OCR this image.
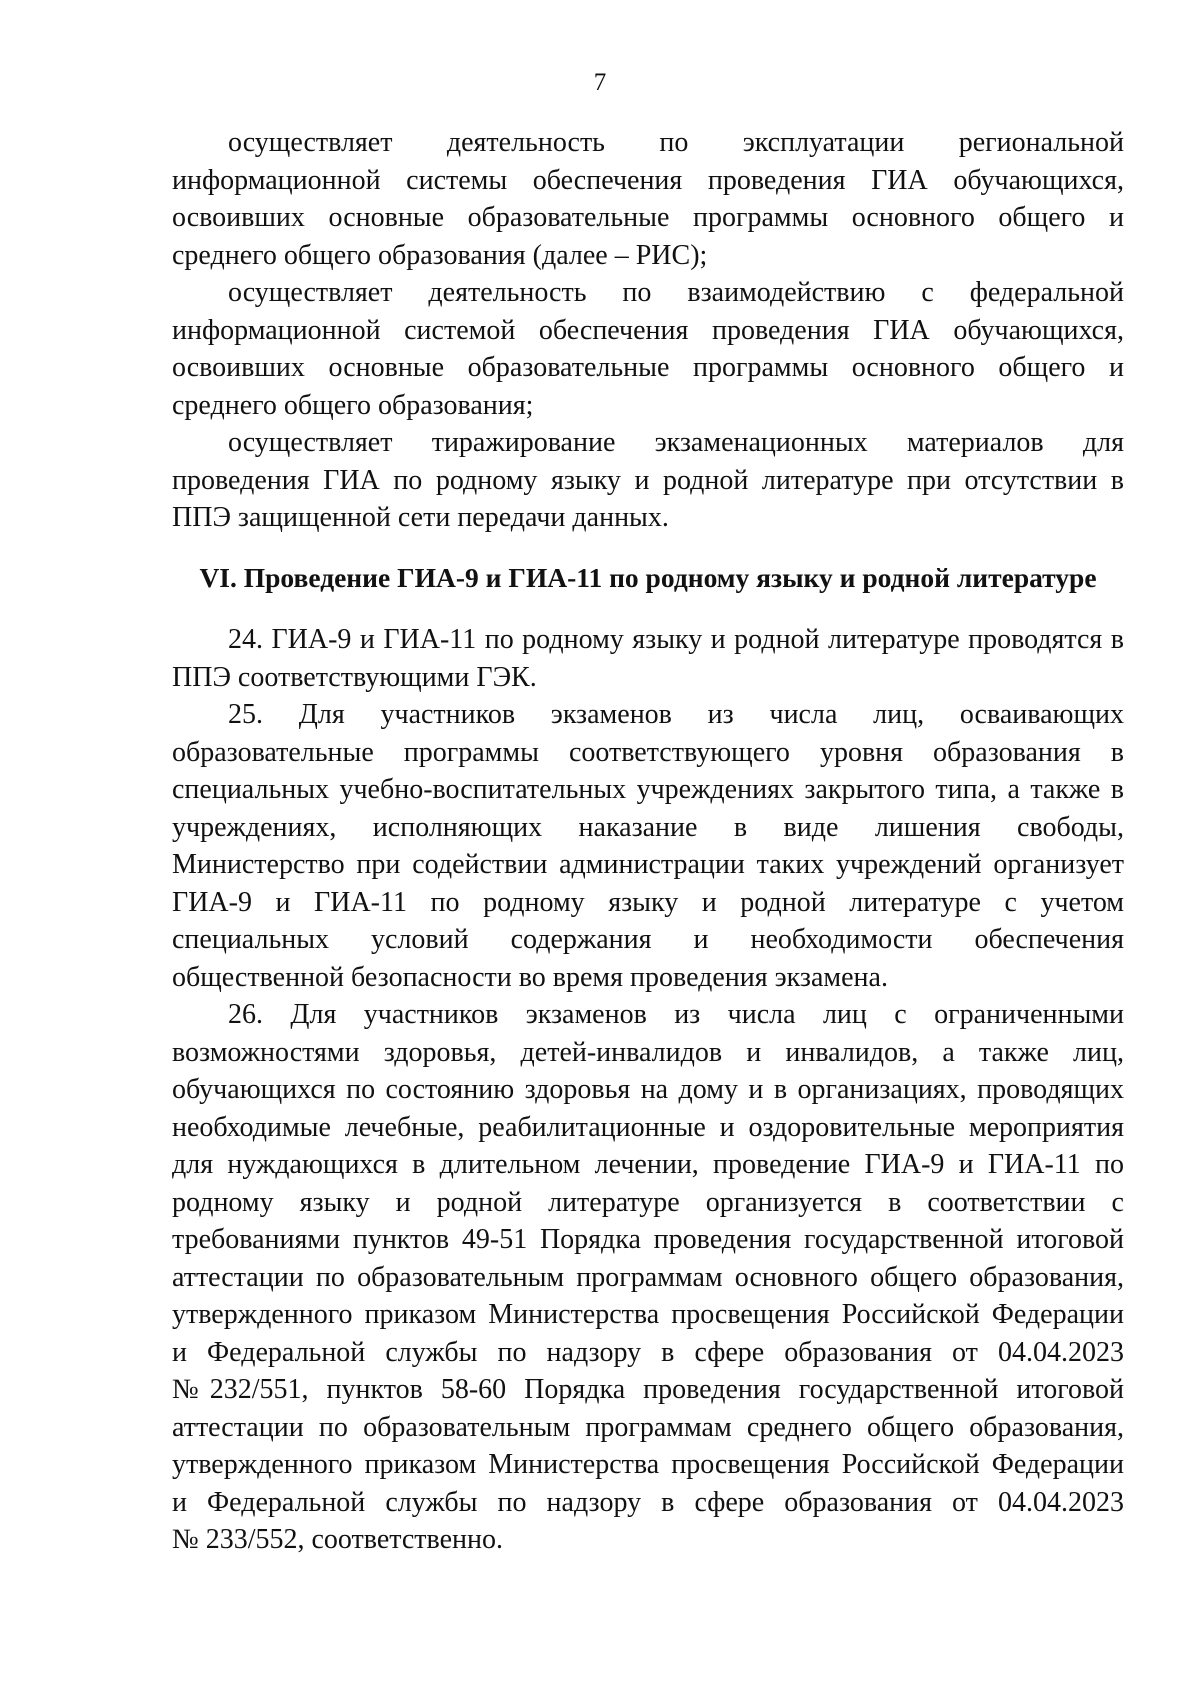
7
осуществляет деятельность по эксплуатации региональной
информационной системы обеспечения проведения ГИА обучающихся,
освоивших основные образовательные программы основного общего и
среднего общего образования (далее – РИС);
осуществляет деятельность по взаимодействию с федеральной
информационной системой обеспечения проведения ГИА обучающихся,
освоивших основные образовательные программы основного общего и
среднего общего образования;
осуществляет тиражирование экзаменационных материалов для
проведения ГИА по родному языку и родной литературе при отсутствии в
ППЭ защищенной сети передачи данных.
VI. Проведение ГИА-9 и ГИА-11 по родному языку и родной литературе
24. ГИА-9 и ГИА-11 по родному языку и родной литературе проводятся в
ППЭ соответствующими ГЭК.
25. Для участников экзаменов из числа лиц, осваивающих
образовательные программы соответствующего уровня образования в
специальных учебно-воспитательных учреждениях закрытого типа, а также в
учреждениях, исполняющих наказание в виде лишения свободы,
Министерство при содействии администрации таких учреждений организует
ГИА-9 и ГИА-11 по родному языку и родной литературе с учетом
специальных условий содержания и необходимости обеспечения
общественной безопасности во время проведения экзамена.
26. Для участников экзаменов из числа лиц с ограниченными
возможностями здоровья, детей-инвалидов и инвалидов, а также лиц,
обучающихся по состоянию здоровья на дому и в организациях, проводящих
необходимые лечебные, реабилитационные и оздоровительные мероприятия
для нуждающихся в длительном лечении, проведение ГИА-9 и ГИА-11 по
родному языку и родной литературе организуется в соответствии с
требованиями пунктов 49-51 Порядка проведения государственной итоговой
аттестации по образовательным программам основного общего образования,
утвержденного приказом Министерства просвещения Российской Федерации
и Федеральной службы по надзору в сфере образования от 04.04.2023
№232/551, пунктов 58-60 Порядка проведения государственной итоговой
аттестации по образовательным программам среднего общего образования,
утвержденного приказом Министерства просвещения Российской Федерации
и Федеральной службы по надзору в сфере образования от 04.04.2023
№ 233/552, соответственно.
